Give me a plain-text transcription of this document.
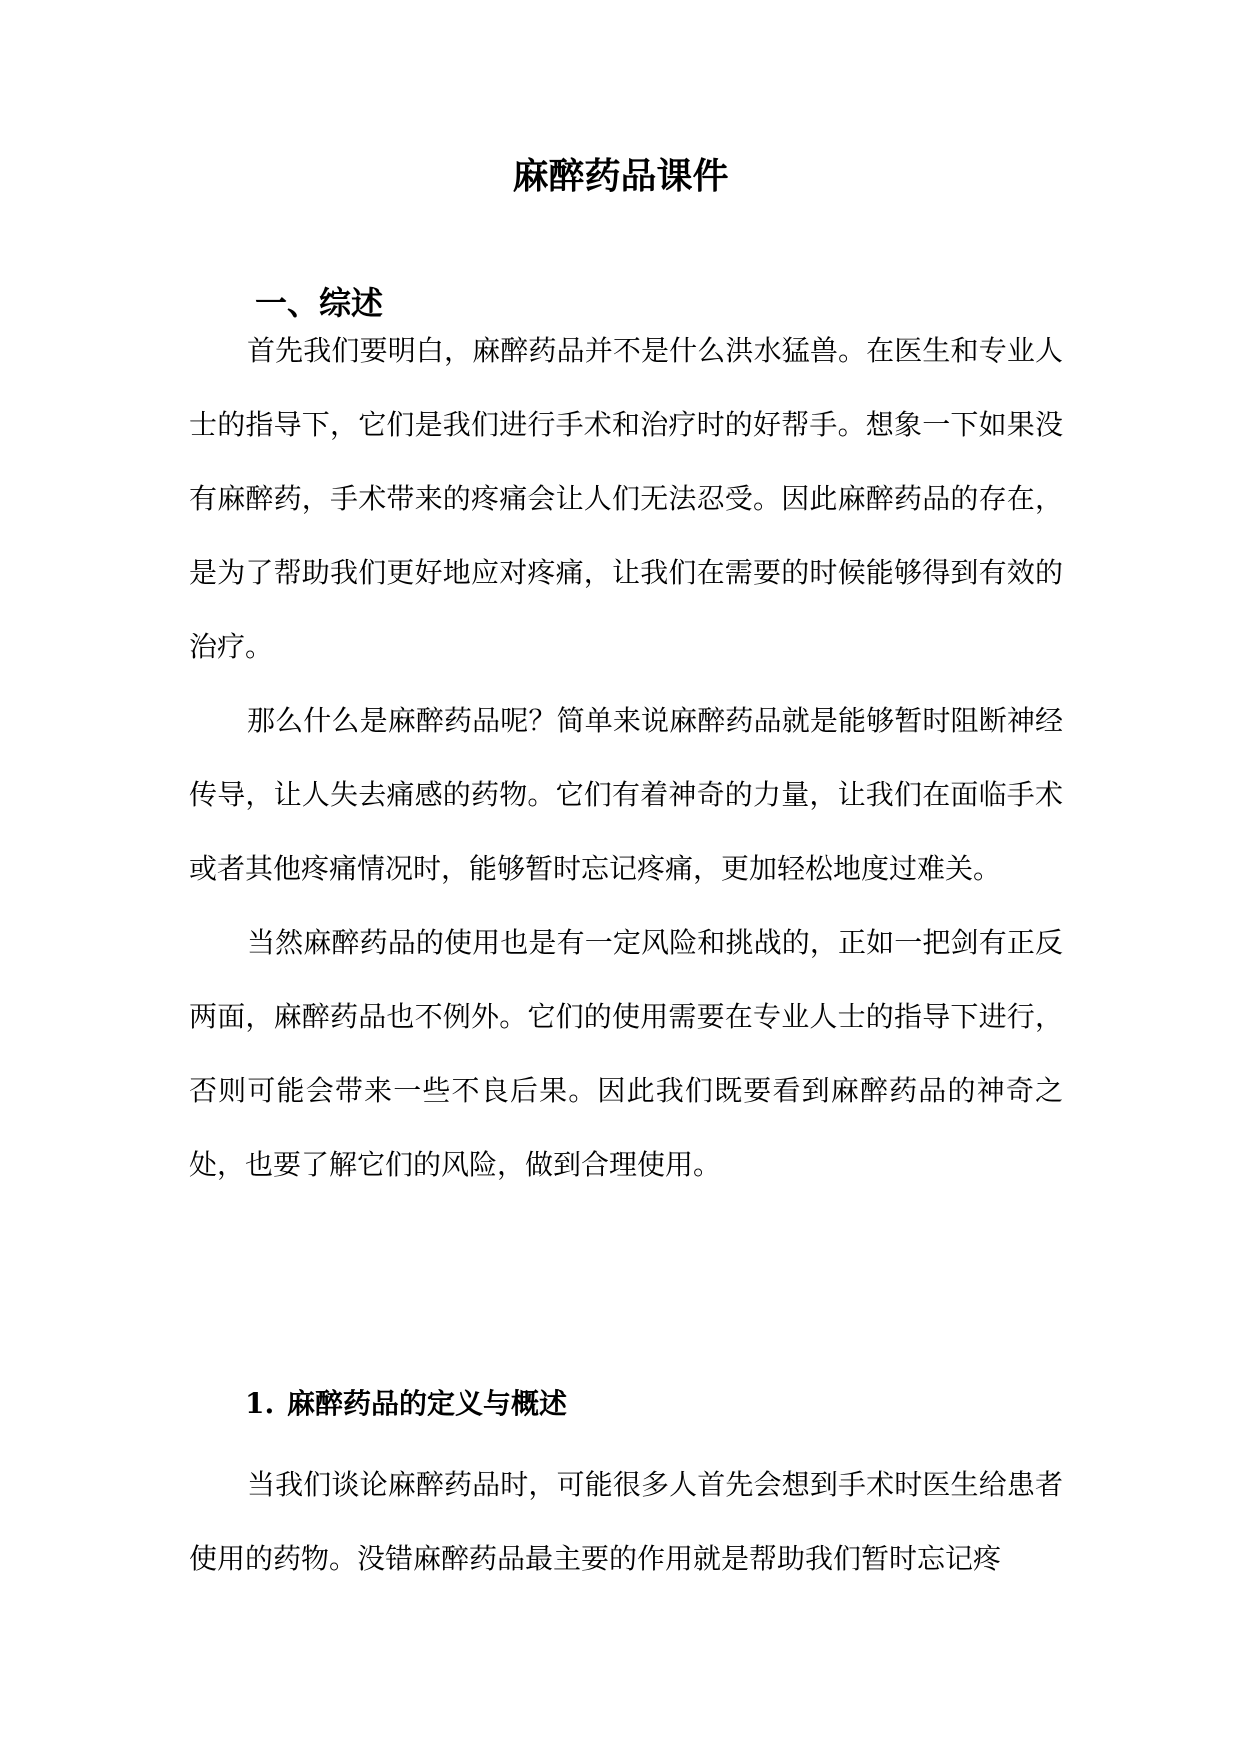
麻醉药品课件
一、综述

首先我们要明白，麻醉药品并不是什么洪水猛兽。在医生和专业人士的指导下，它们是我们进行手术和治疗时的好帮手。想象一下如果没有麻醉药，手术带来的疼痛会让人们无法忍受。因此麻醉药品的存在，是为了帮助我们更好地应对疼痛，让我们在需要的时候能够得到有效的治疗。

那么什么是麻醉药品呢？简单来说麻醉药品就是能够暂时阻断神经传导，让人失去痛感的药物。它们有着神奇的力量，让我们在面临手术或者其他疼痛情况时，能够暂时忘记疼痛，更加轻松地度过难关。

当然麻醉药品的使用也是有一定风险和挑战的，正如一把剑有正反两面，麻醉药品也不例外。它们的使用需要在专业人士的指导下进行，否则可能会带来一些不良后果。因此我们既要看到麻醉药品的神奇之处，也要了解它们的风险，做到合理使用。

1. 麻醉药品的定义与概述

当我们谈论麻醉药品时，可能很多人首先会想到手术时医生给患者使用的药物。没错麻醉药品最主要的作用就是帮助我们暂时忘记疼
